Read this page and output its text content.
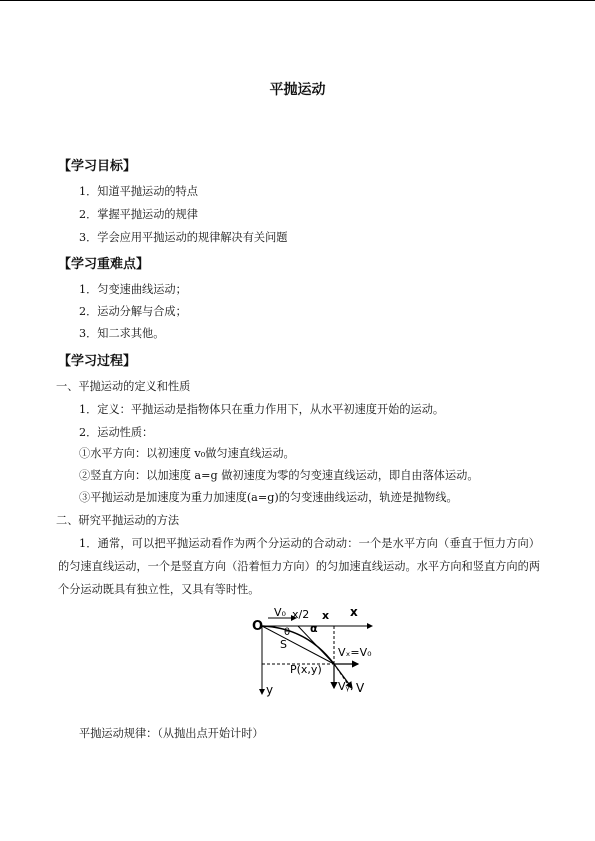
平抛运动
【学习目标】
1．知道平抛运动的特点
2．掌握平抛运动的规律
3．学会应用平抛运动的规律解决有关问题
【学习重难点】
1．匀变速曲线运动；
2．运动分解与合成；
3．知二求其他。
【学习过程】
一、平抛运动的定义和性质
1．定义：平抛运动是指物体只在重力作用下，从水平初速度开始的运动。
2．运动性质：
①水平方向：以初速度 v₀做匀速直线运动。
②竖直方向：以加速度 a=g 做初速度为零的匀变速直线运动，即自由落体运动。
③平抛运动是加速度为重力加速度(a=g)的匀变速曲线运动，轨迹是抛物线。
二、研究平抛运动的方法
1．通常，可以把平抛运动看作为两个分运动的合动动：一个是水平方向（垂直于恒力方向）的匀速直线运动，一个是竖直方向（沿着恒力方向）的匀加速直线运动。水平方向和竖直方向的两个分运动既具有独立性，又具有等时性。
V₀ x/2 x x
O θ α
S
Vₓ=V₀
P(x,y)
Vᵧ V
y
平抛运动规律：（从抛出点开始计时）
